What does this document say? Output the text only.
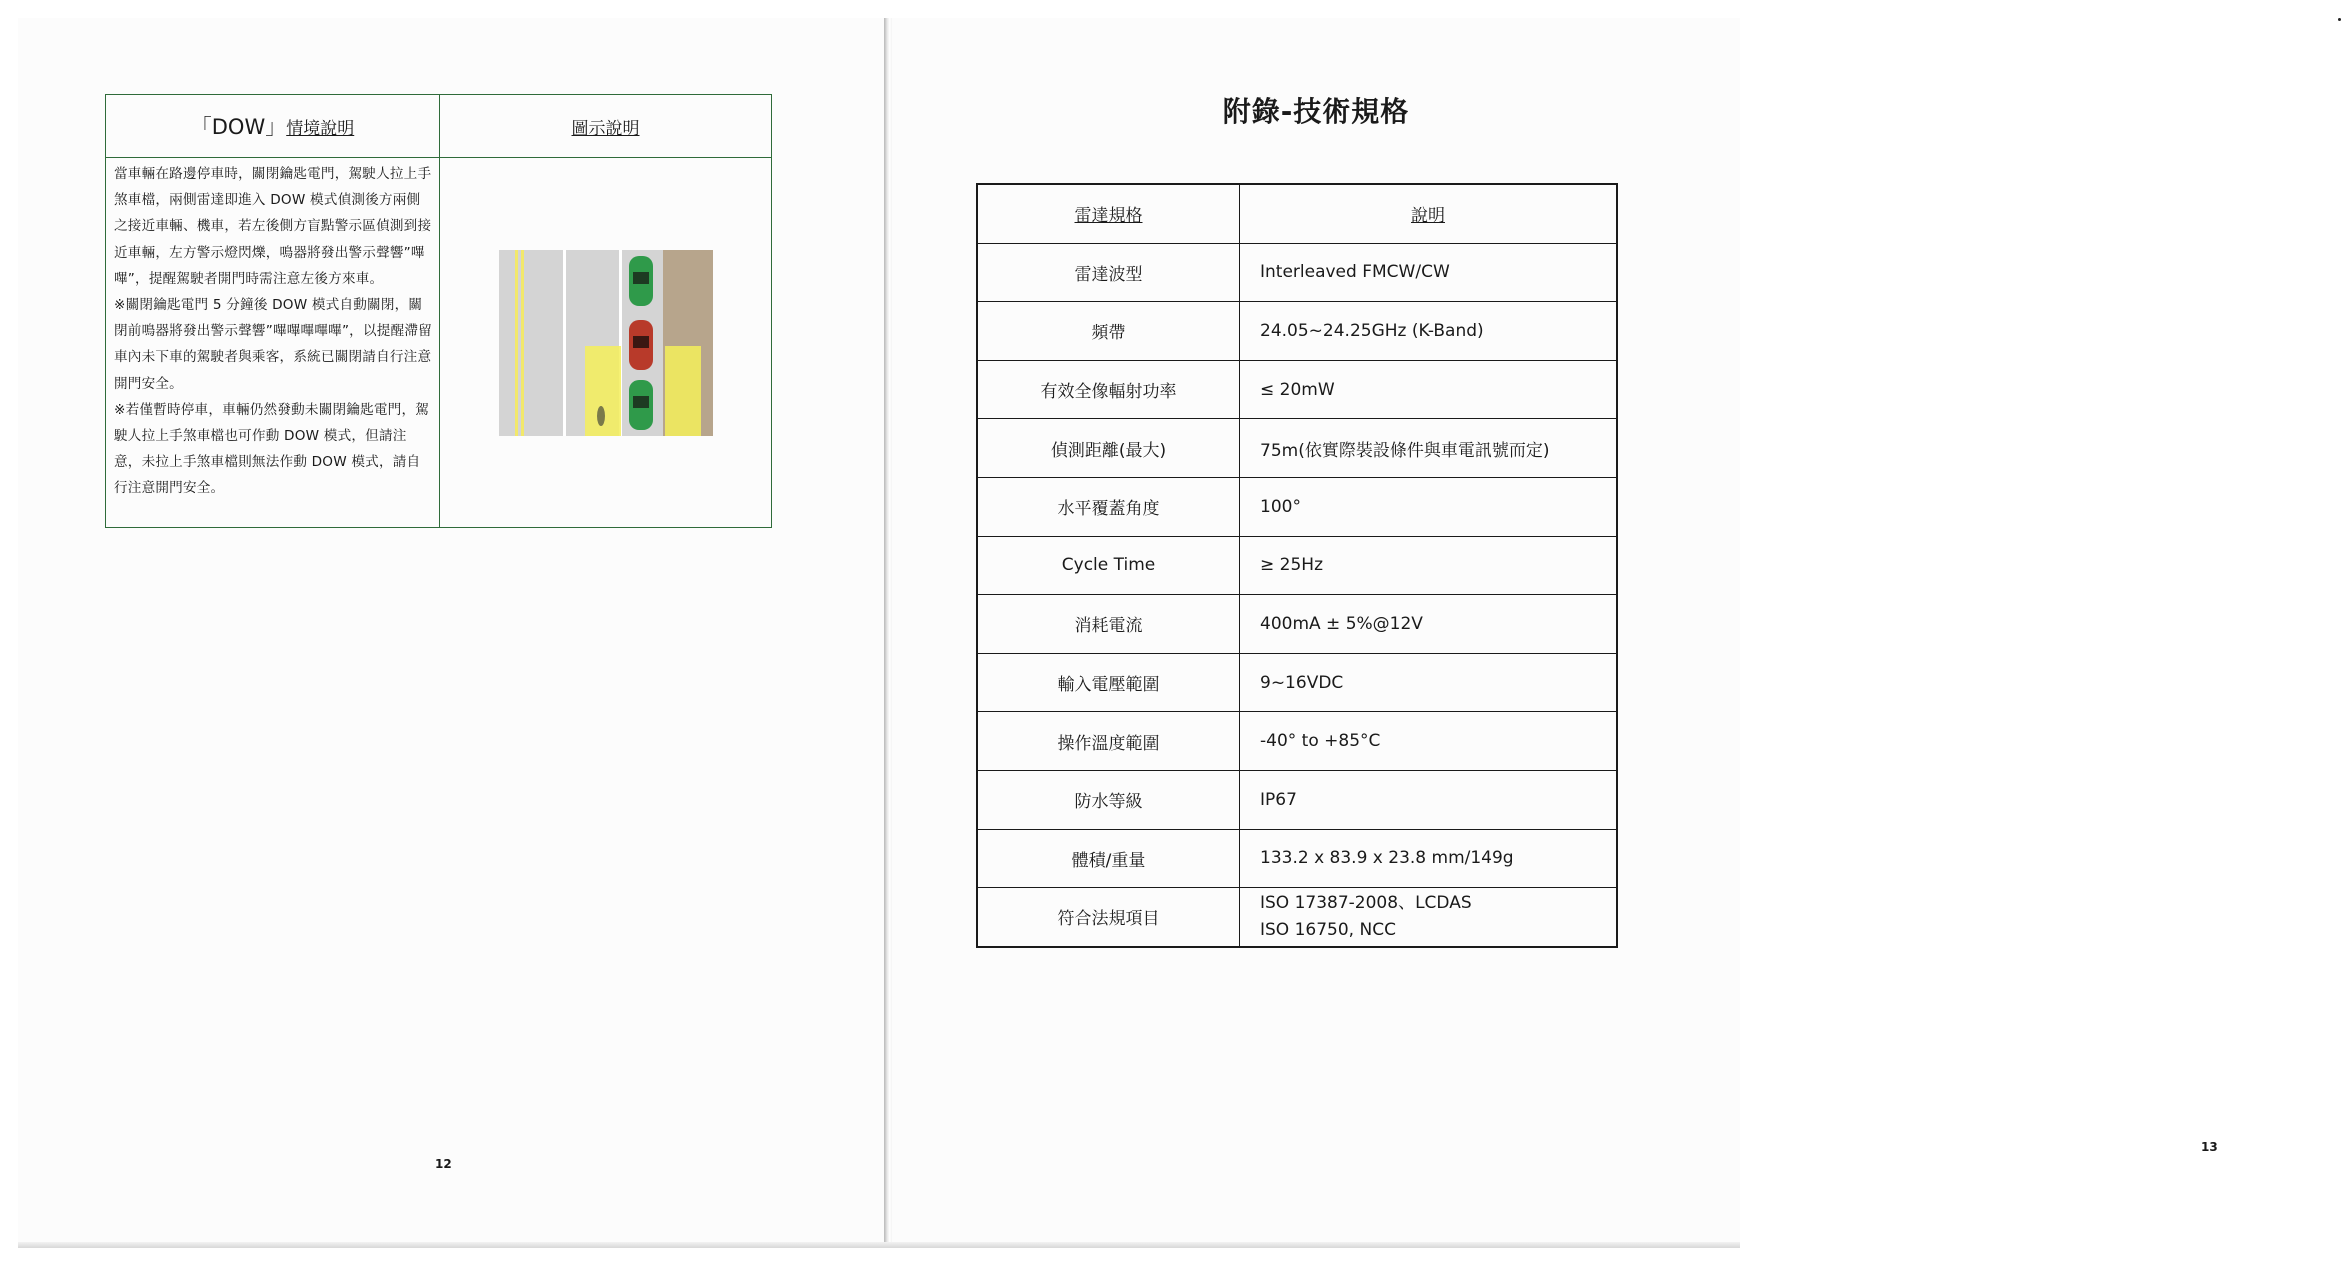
「DOW」情境說明	圖示說明

當車輛在路邊停車時，關閉鑰匙電門，駕駛人拉上手煞車檔，兩側雷達即進入 DOW 模式偵測後方兩側之接近車輛、機車，若左後側方盲點警示區偵測到接近車輛，左方警示燈閃爍，鳴器將發出警示聲響”嗶嗶”，提醒駕駛者開門時需注意左後方來車。

※關閉鑰匙電門 5 分鐘後 DOW 模式自動關閉，關閉前鳴器將發出警示聲響”嗶嗶嗶嗶嗶”，以提醒滯留車內未下車的駕駛者與乘客，系統已關閉請自行注意開門安全。

※若僅暫時停車，車輛仍然發動未關閉鑰匙電門，駕駛人拉上手煞車檔也可作動 DOW 模式，但請注意，未拉上手煞車檔則無法作動 DOW 模式，請自行注意開門安全。

12
附錄-技術規格
雷達規格	說明
雷達波型	Interleaved FMCW/CW
頻帶	24.05~24.25GHz (K-Band)
有效全像輻射功率	≤ 20mW
偵測距離(最大)	75m(依實際裝設條件與車電訊號而定)
水平覆蓋角度	100°
Cycle Time	≥ 25Hz
消耗電流	400mA ± 5%@12V
輸入電壓範圍	9~16VDC
操作溫度範圍	-40° to +85°C
防水等級	IP67
體積/重量	133.2 x 83.9 x 23.8 mm/149g
符合法規項目	ISO 17387-2008、LCDAS
ISO 16750, NCC
13
